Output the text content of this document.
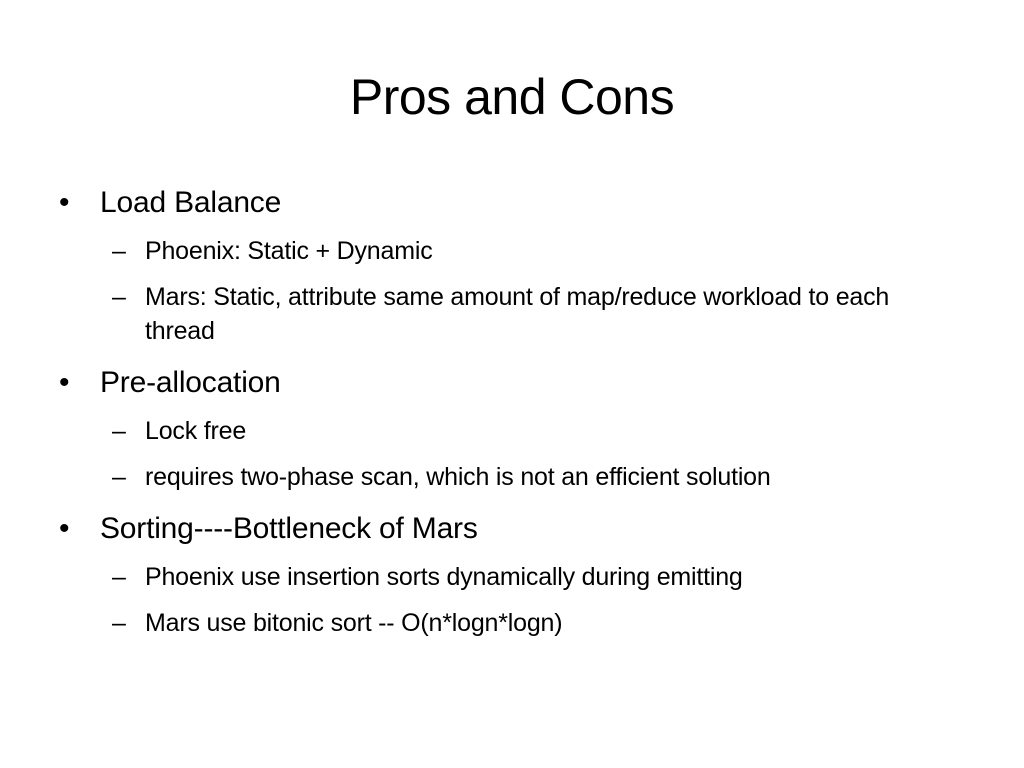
Pros and Cons
• Load Balance
– Phoenix: Static + Dynamic
– Mars: Static, attribute same amount of map/reduce workload to each thread
• Pre-allocation
– Lock free
– requires two-phase scan, which is not an efficient solution
• Sorting----Bottleneck of Mars
– Phoenix use insertion sorts dynamically during emitting
– Mars use bitonic sort -- O(n*logn*logn)
